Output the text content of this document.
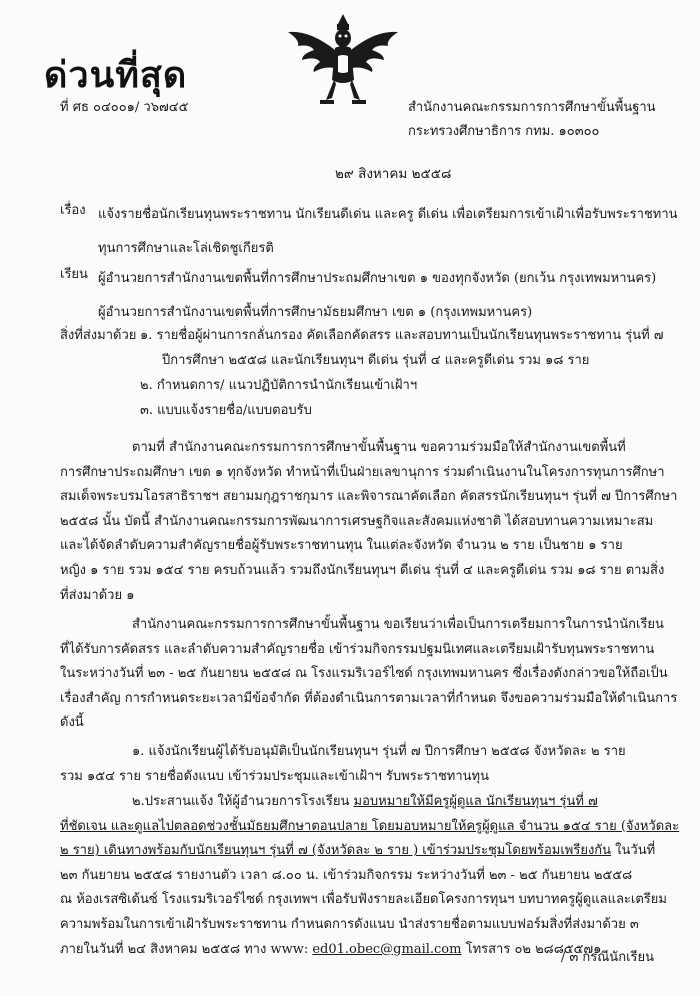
ด่วนที่สุด
ที่ ศธ ๐๔๐๐๑/ ว๖๗๔๕	สำนักงานคณะกรรมการการศึกษาขั้นพื้นฐาน
กระทรวงศึกษาธิการ กทม. ๑๐๓๐๐
๒๙ สิงหาคม ๒๕๕๘
เรื่อง แจ้งรายชื่อนักเรียนทุนพระราชทาน นักเรียนดีเด่น และครู ดีเด่น เพื่อเตรียมการเข้าเฝ้าเพื่อรับพระราชทาน
ทุนการศึกษาและโล่เชิดชูเกียรติ
เรียน ผู้อำนวยการสำนักงานเขตพื้นที่การศึกษาประถมศึกษาเขต ๑ ของทุกจังหวัด (ยกเว้น กรุงเทพมหานคร)
ผู้อำนวยการสำนักงานเขตพื้นที่การศึกษามัธยมศึกษา เขต ๑ (กรุงเทพมหานคร)
สิ่งที่ส่งมาด้วย ๑. รายชื่อผู้ผ่านการกลั่นกรอง คัดเลือกคัดสรร และสอบทานเป็นนักเรียนทุนพระราชทาน รุ่นที่ ๗
ปีการศึกษา ๒๕๕๘ และนักเรียนทุนฯ ดีเด่น รุ่นที่ ๔ และครูดีเด่น รวม ๑๘ ราย
๒. กำหนดการ/ แนวปฏิบัติการนำนักเรียนเข้าเฝ้าฯ
๓. แบบแจ้งรายชื่อ/แบบตอบรับ
ตามที่ สำนักงานคณะกรรมการการศึกษาขั้นพื้นฐาน ขอความร่วมมือให้สำนักงานเขตพื้นที่
การศึกษาประถมศึกษา เขต ๑ ทุกจังหวัด ทำหน้าที่เป็นฝ่ายเลขานุการ ร่วมดำเนินงานในโครงการทุนการศึกษา
สมเด็จพระบรมโอรสาธิราชฯ สยามมกุฎราชกุมาร และพิจารณาคัดเลือก คัดสรรนักเรียนทุนฯ รุ่นที่ ๗ ปีการศึกษา
๒๕๕๘ นั้น บัดนี้ สำนักงานคณะกรรมการพัฒนาการเศรษฐกิจและสังคมแห่งชาติ ได้สอบทานความเหมาะสม
และได้จัดลำดับความสำคัญรายชื่อผู้รับพระราชทานทุน ในแต่ละจังหวัด จำนวน ๒ ราย เป็นชาย ๑ ราย
หญิง ๑ ราย รวม ๑๕๔ ราย ครบถ้วนแล้ว รวมถึงนักเรียนทุนฯ ดีเด่น รุ่นที่ ๔ และครูดีเด่น รวม ๑๘ ราย ตามสิ่ง
ที่ส่งมาด้วย ๑
สำนักงานคณะกรรมการการศึกษาขั้นพื้นฐาน ขอเรียนว่าเพื่อเป็นการเตรียมการในการนำนักเรียน
ที่ได้รับการคัดสรร และลำดับความสำคัญรายชื่อ เข้าร่วมกิจกรรมปฐมนิเทศและเตรียมเฝ้ารับทุนพระราชทาน
ในระหว่างวันที่ ๒๓ - ๒๕ กันยายน ๒๕๕๘ ณ โรงแรมริเวอร์ไซด์ กรุงเทพมหานคร ซึ่งเรื่องดังกล่าวขอให้ถือเป็น
เรื่องสำคัญ การกำหนดระยะเวลามีข้อจำกัด ที่ต้องดำเนินการตามเวลาที่กำหนด จึงขอความร่วมมือให้ดำเนินการ
ดังนี้
๑. แจ้งนักเรียนผู้ได้รับอนุมัติเป็นนักเรียนทุนฯ รุ่นที่ ๗ ปีการศึกษา ๒๕๕๘ จังหวัดละ ๒ ราย
รวม ๑๕๔ ราย รายชื่อดังแนบ เข้าร่วมประชุมและเข้าเฝ้าฯ รับพระราชทานทุน
๒.ประสานแจ้ง ให้ผู้อำนวยการโรงเรียน มอบหมายให้มีครูผู้ดูแล นักเรียนทุนฯ รุ่นที่ ๗
ที่ชัดเจน และดูแลไปตลอดช่วงชั้นมัธยมศึกษาตอนปลาย โดยมอบหมายให้ครูผู้ดูแล จำนวน ๑๕๔ ราย (จังหวัดละ
๒ ราย) เดินทางพร้อมกับนักเรียนทุนฯ รุ่นที่ ๗ (จังหวัดละ ๒ ราย ) เข้าร่วมประชุมโดยพร้อมเพรียงกัน ในวันที่
๒๓ กันยายน ๒๕๕๘ รายงานตัว เวลา ๘.๐๐ น. เข้าร่วมกิจกรรม ระหว่างวันที่ ๒๓ - ๒๕ กันยายน ๒๕๕๘
ณ ห้องเรสซิเด้นซ์ โรงแรมริเวอร์ไซด์ กรุงเทพฯ เพื่อรับฟังรายละเอียดโครงการทุนฯ บทบาทครูผู้ดูแลและเตรียม
ความพร้อมในการเข้าเฝ้ารับพระราชทาน กำหนดการดังแนบ นำส่งรายชื่อตามแบบฟอร์มสิ่งที่ส่งมาด้วย ๓
ภายในวันที่ ๒๔ สิงหาคม ๒๕๕๘ ทาง www: ed01.obec@gmail.com โทรสาร ๐๒ ๒๘๘๕๕๗๑
/ ๓ กรณีนักเรียน
